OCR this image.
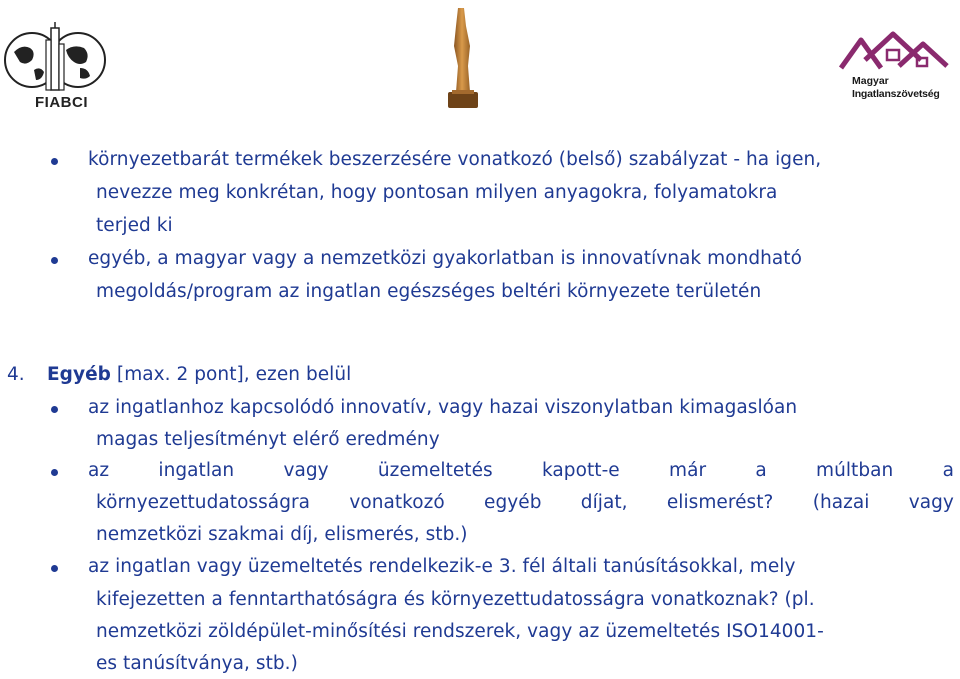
FIABCI
Magyar
Ingatlanszövetség
környezetbarát termékek beszerzésére vonatkozó (belső) szabályzat - ha igen,
nevezze meg konkrétan, hogy pontosan milyen anyagokra, folyamatokra
terjed ki
egyéb, a magyar vagy a nemzetközi gyakorlatban is innovatívnak mondható
megoldás/program az ingatlan egészséges beltéri környezete területén
4. Egyéb [max. 2 pont], ezen belül
az ingatlanhoz kapcsolódó innovatív, vagy hazai viszonylatban kimagaslóan
magas teljesítményt elérő eredmény
az	ingatlan	vagy	üzemeltetés	kapott-e	már	a	múltban	a
környezettudatosságra vonatkozó egyéb díjat, elismerést? (hazai vagy
nemzetközi szakmai díj, elismerés, stb.)
az ingatlan vagy üzemeltetés rendelkezik-e 3. fél általi tanúsításokkal, mely
kifejezetten a fenntarthatóságra és környezettudatosságra vonatkoznak? (pl.
nemzetközi zöldépület-minősítési rendszerek, vagy az üzemeltetés ISO14001-
es tanúsítványa, stb.)
